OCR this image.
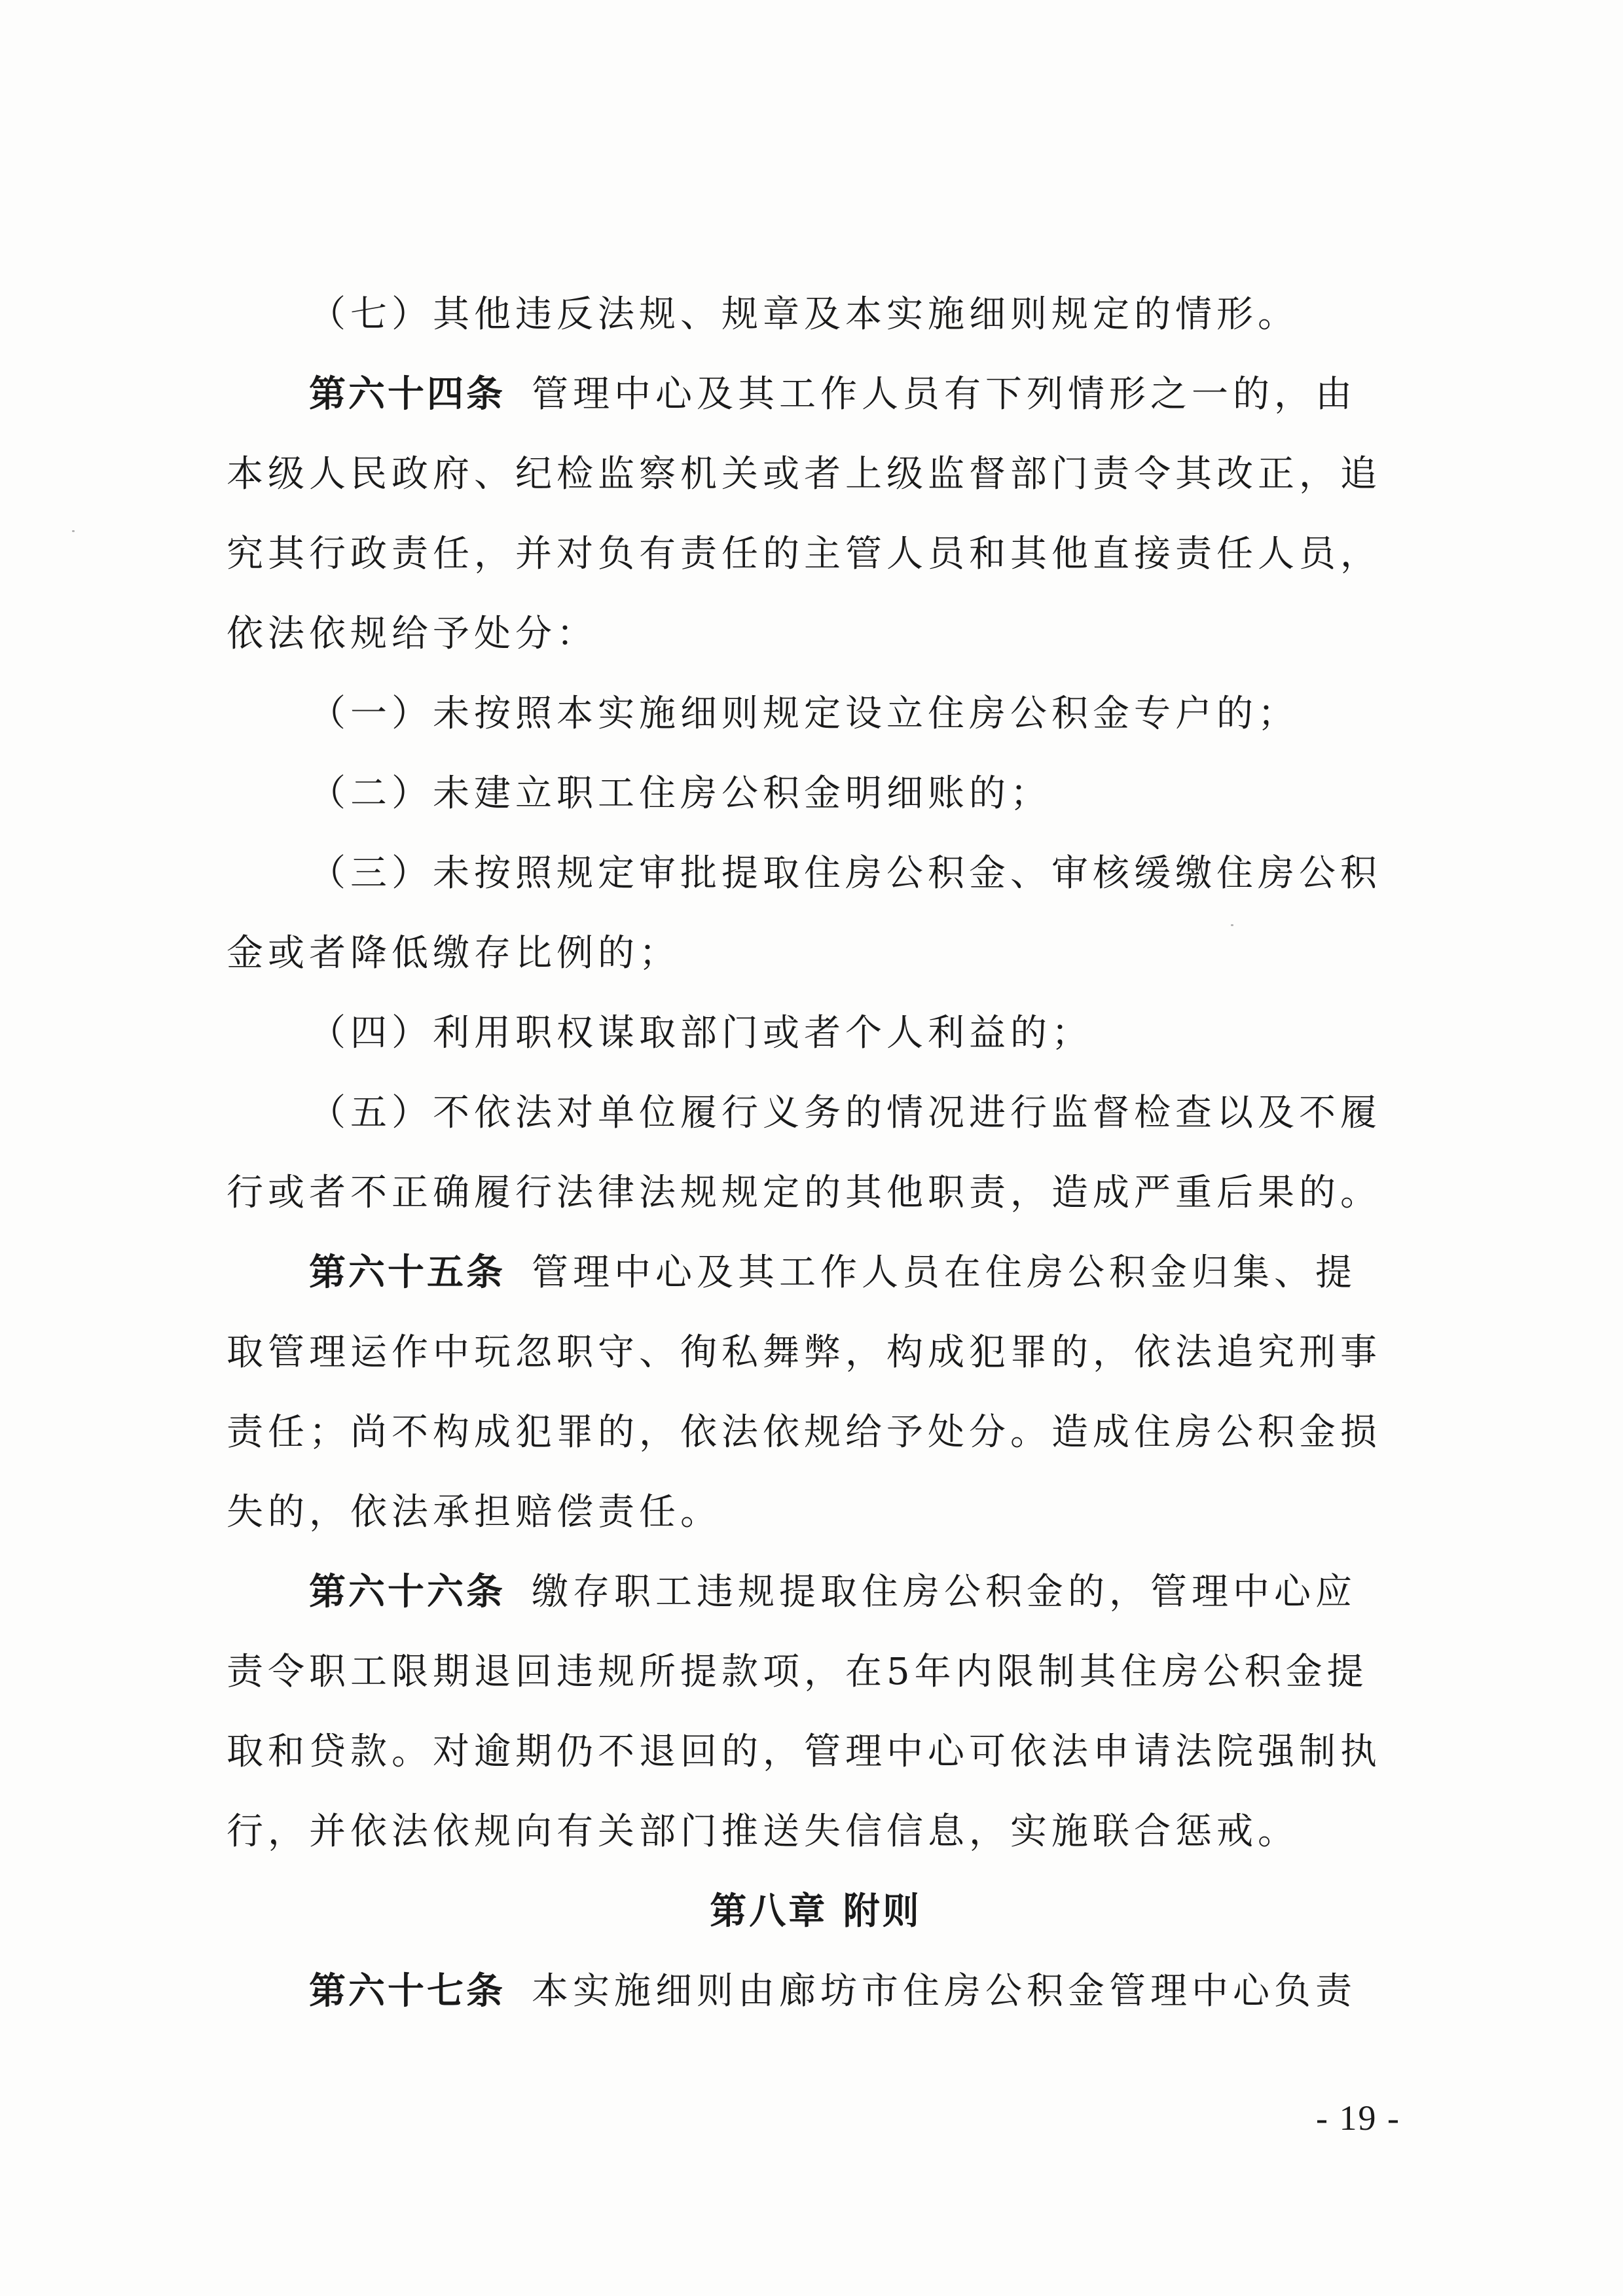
（七）其他违反法规、规章及本实施细则规定的情形。
第六十四条 管理中心及其工作人员有下列情形之一的，由
本级人民政府、纪检监察机关或者上级监督部门责令其改正，追
究其行政责任，并对负有责任的主管人员和其他直接责任人员，
依法依规给予处分：
（一）未按照本实施细则规定设立住房公积金专户的；
（二）未建立职工住房公积金明细账的；
（三）未按照规定审批提取住房公积金、审核缓缴住房公积
金或者降低缴存比例的；
（四）利用职权谋取部门或者个人利益的；
（五）不依法对单位履行义务的情况进行监督检查以及不履
行或者不正确履行法律法规规定的其他职责，造成严重后果的。
第六十五条 管理中心及其工作人员在住房公积金归集、提
取管理运作中玩忽职守、徇私舞弊，构成犯罪的，依法追究刑事
责任；尚不构成犯罪的，依法依规给予处分。造成住房公积金损
失的，依法承担赔偿责任。
第六十六条 缴存职工违规提取住房公积金的，管理中心应
责令职工限期退回违规所提款项，在5年内限制其住房公积金提
取和贷款。对逾期仍不退回的，管理中心可依法申请法院强制执
行，并依法依规向有关部门推送失信信息，实施联合惩戒。
第八章 附则
第六十七条 本实施细则由廊坊市住房公积金管理中心负责
- 19 -
